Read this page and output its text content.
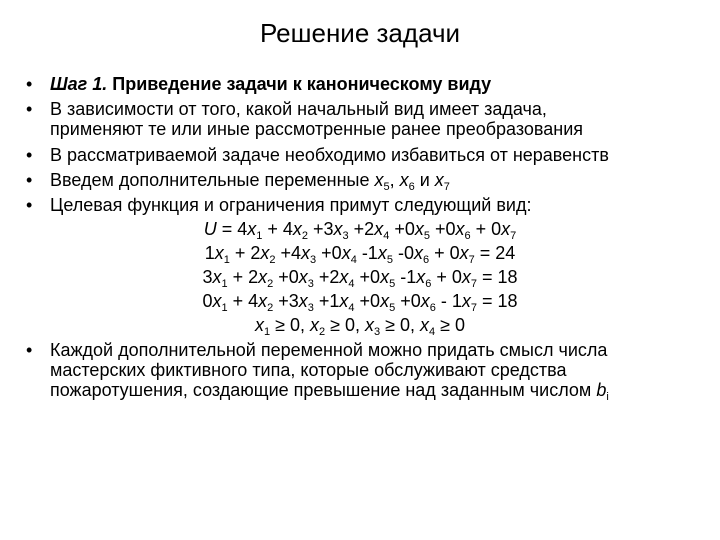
Решение задачи
• Шаг 1. Приведение задачи к каноническому виду
• В зависимости от того, какой начальный вид имеет задача,
применяют те или иные рассмотренные ранее преобразования
• В рассматриваемой задаче необходимо избавиться от неравенств
• Введем дополнительные переменные $x_5$, $x_6$ и $x_7$
• Целевая функция и ограничения примут следующий вид:
$U = 4x_1 + 4x_2 +3x_3 +2x_4 +0x_5 +0x_6 + 0x_7$
$1x_1 + 2x_2 +4x_3 +0x_4$ $-1x_5$ $-0x_6 + 0x_7 = 24$
$3x_1 + 2x_2 +0x_3 +2x_4 +0x_5$ $-1x_6 + 0x_7 = 18$
$0x_1 + 4x_2 +3x_3 +1x_4 +0x_5 +0x_6 - 1x_7 = 18$
$x_1 \ge 0$, $x_2 \ge 0$, $x_3 \ge 0$, $x_4 \ge 0$
• Каждой дополнительной переменной можно придать смысл числа
мастерских фиктивного типа, которые обслуживают средства
пожаротушения, создающие превышение над заданным числом $b_i$
